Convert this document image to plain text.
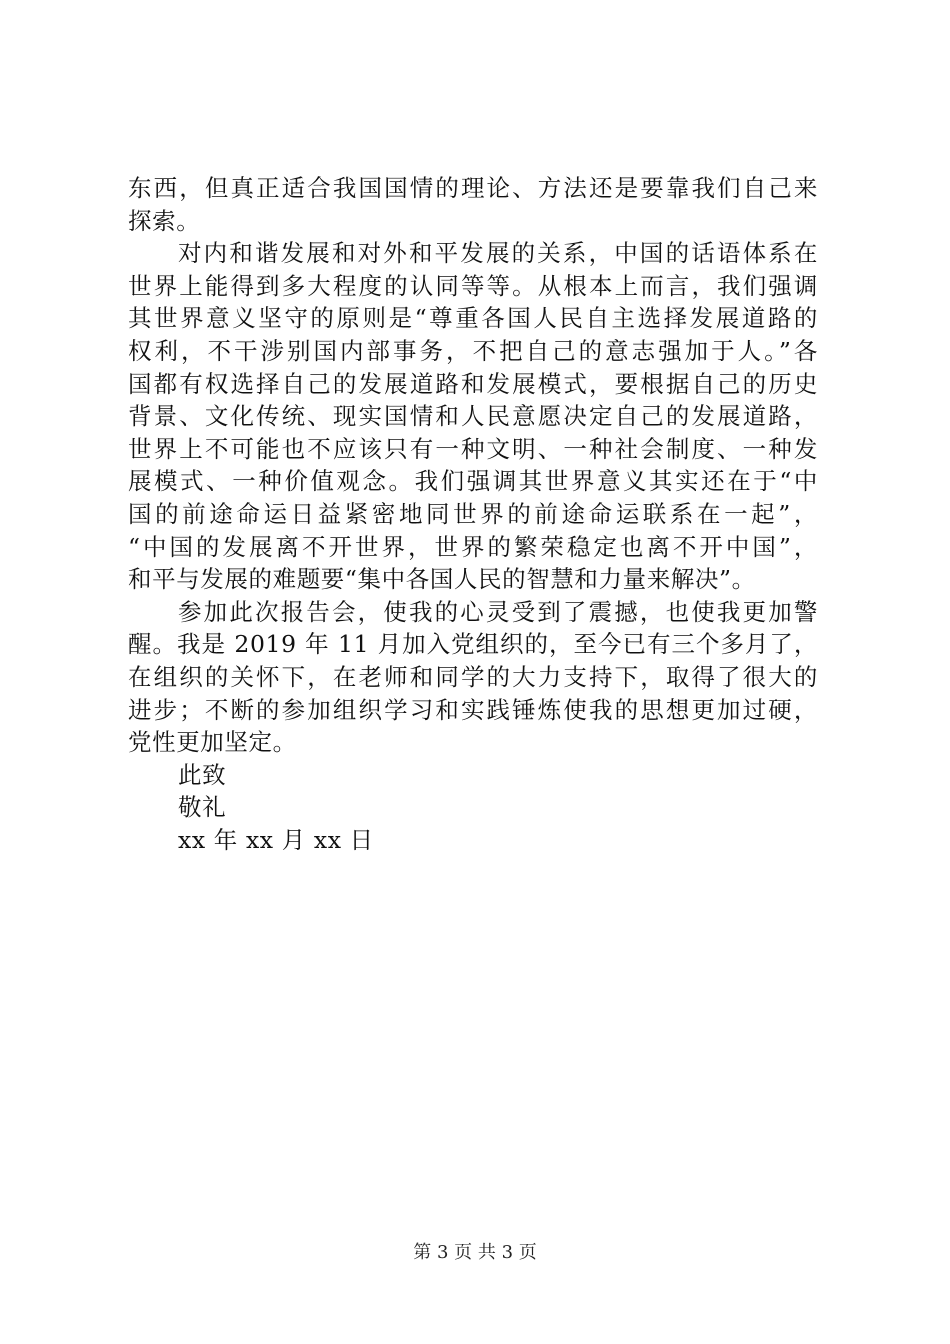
东西，但真正适合我国国情的理论、方法还是要靠我们自己来
探索。
对内和谐发展和对外和平发展的关系，中国的话语体系在
世界上能得到多大程度的认同等等。从根本上而言，我们强调
其世界意义坚守的原则是“尊重各国人民自主选择发展道路的
权利，不干涉别国内部事务，不把自己的意志强加于人。”各
国都有权选择自己的发展道路和发展模式，要根据自己的历史
背景、文化传统、现实国情和人民意愿决定自己的发展道路，
世界上不可能也不应该只有一种文明、一种社会制度、一种发
展模式、一种价值观念。我们强调其世界意义其实还在于“中
国的前途命运日益紧密地同世界的前途命运联系在一起”，
“中国的发展离不开世界，世界的繁荣稳定也离不开中国”，
和平与发展的难题要“集中各国人民的智慧和力量来解决”。
参加此次报告会，使我的心灵受到了震撼，也使我更加警
醒。我是 2019 年 11 月加入党组织的，至今已有三个多月了，
在组织的关怀下，在老师和同学的大力支持下，取得了很大的
进步；不断的参加组织学习和实践锤炼使我的思想更加过硬，
党性更加坚定。
此致
敬礼
xx 年 xx 月 xx 日
第 3 页 共 3 页
